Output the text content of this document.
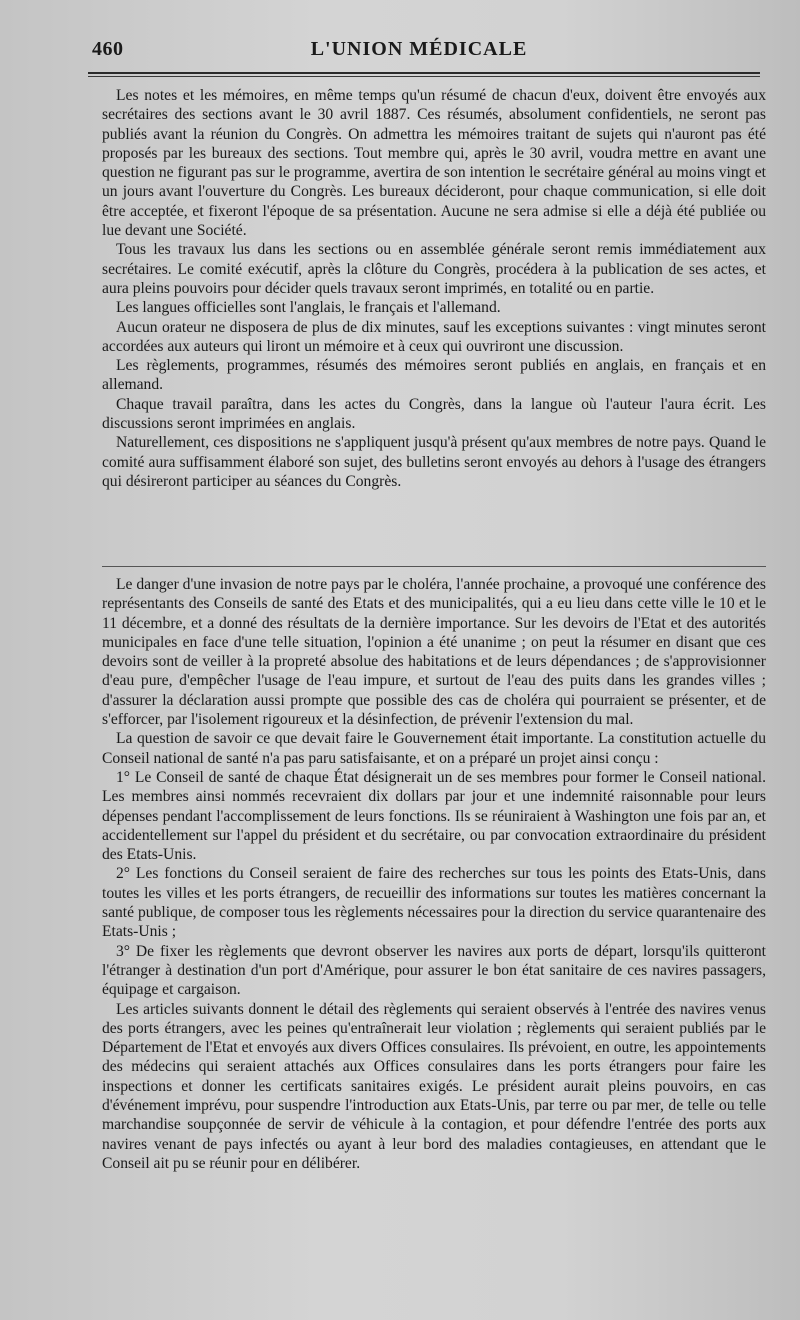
460	L'UNION MÉDICALE

Les notes et les mémoires, en même temps qu'un résumé de chacun d'eux, doivent être envoyés aux secrétaires des sections avant le 30 avril 1887. Ces résumés, absolument confidentiels, ne seront pas publiés avant la réunion du Congrès. On admettra les mémoires traitant de sujets qui n'auront pas été proposés par les bureaux des sections. Tout membre qui, après le 30 avril, voudra mettre en avant une question ne figurant pas sur le programme, avertira de son intention le secrétaire général au moins vingt et un jours avant l'ouverture du Congrès. Les bureaux décideront, pour chaque communication, si elle doit être acceptée, et fixeront l'époque de sa présentation. Aucune ne sera admise si elle a déjà été publiée ou lue devant une Société.

Tous les travaux lus dans les sections ou en assemblée générale seront remis immédiatement aux secrétaires. Le comité exécutif, après la clôture du Congrès, procédera à la publication de ses actes, et aura pleins pouvoirs pour décider quels travaux seront imprimés, en totalité ou en partie.

Les langues officielles sont l'anglais, le français et l'allemand.

Aucun orateur ne disposera de plus de dix minutes, sauf les exceptions suivantes : vingt minutes seront accordées aux auteurs qui liront un mémoire et à ceux qui ouvriront une discussion.

Les règlements, programmes, résumés des mémoires seront publiés en anglais, en français et en allemand.

Chaque travail paraîtra, dans les actes du Congrès, dans la langue où l'auteur l'aura écrit. Les discussions seront imprimées en anglais.

Naturellement, ces dispositions ne s'appliquent jusqu'à présent qu'aux membres de notre pays. Quand le comité aura suffisamment élaboré son sujet, des bulletins seront envoyés au dehors à l'usage des étrangers qui désireront participer au séances du Congrès.

Le danger d'une invasion de notre pays par le choléra, l'année prochaine, a provoqué une conférence des représentants des Conseils de santé des Etats et des municipalités, qui a eu lieu dans cette ville le 10 et le 11 décembre, et a donné des résultats de la dernière importance. Sur les devoirs de l'Etat et des autorités municipales en face d'une telle situation, l'opinion a été unanime ; on peut la résumer en disant que ces devoirs sont de veiller à la propreté absolue des habitations et de leurs dépendances ; de s'approvisionner d'eau pure, d'empêcher l'usage de l'eau impure, et surtout de l'eau des puits dans les grandes villes ; d'assurer la déclaration aussi prompte que possible des cas de choléra qui pourraient se présenter, et de s'efforcer, par l'isolement rigoureux et la désinfection, de prévenir l'extension du mal.

La question de savoir ce que devait faire le Gouvernement était importante. La constitution actuelle du Conseil national de santé n'a pas paru satisfaisante, et on a préparé un projet ainsi conçu :

1° Le Conseil de santé de chaque État désignerait un de ses membres pour former le Conseil national. Les membres ainsi nommés recevraient dix dollars par jour et une indemnité raisonnable pour leurs dépenses pendant l'accomplissement de leurs fonctions. Ils se réuniraient à Washington une fois par an, et accidentellement sur l'appel du président et du secrétaire, ou par convocation extraordinaire du président des Etats-Unis.

2° Les fonctions du Conseil seraient de faire des recherches sur tous les points des Etats-Unis, dans toutes les villes et les ports étrangers, de recueillir des informations sur toutes les matières concernant la santé publique, de composer tous les règlements nécessaires pour la direction du service quarantenaire des Etats-Unis ;

3° De fixer les règlements que devront observer les navires aux ports de départ, lorsqu'ils quitteront l'étranger à destination d'un port d'Amérique, pour assurer le bon état sanitaire de ces navires passagers, équipage et cargaison.

Les articles suivants donnent le détail des règlements qui seraient observés à l'entrée des navires venus des ports étrangers, avec les peines qu'entraînerait leur violation ; règlements qui seraient publiés par le Département de l'Etat et envoyés aux divers Offices consulaires. Ils prévoient, en outre, les appointements des médecins qui seraient attachés aux Offices consulaires dans les ports étrangers pour faire les inspections et donner les certificats sanitaires exigés. Le président aurait pleins pouvoirs, en cas d'événement imprévu, pour suspendre l'introduction aux Etats-Unis, par terre ou par mer, de telle ou telle marchandise soupçonnée de servir de véhicule à la contagion, et pour défendre l'entrée des ports aux navires venant de pays infectés ou ayant à leur bord des maladies contagieuses, en attendant que le Conseil ait pu se réunir pour en délibérer.
